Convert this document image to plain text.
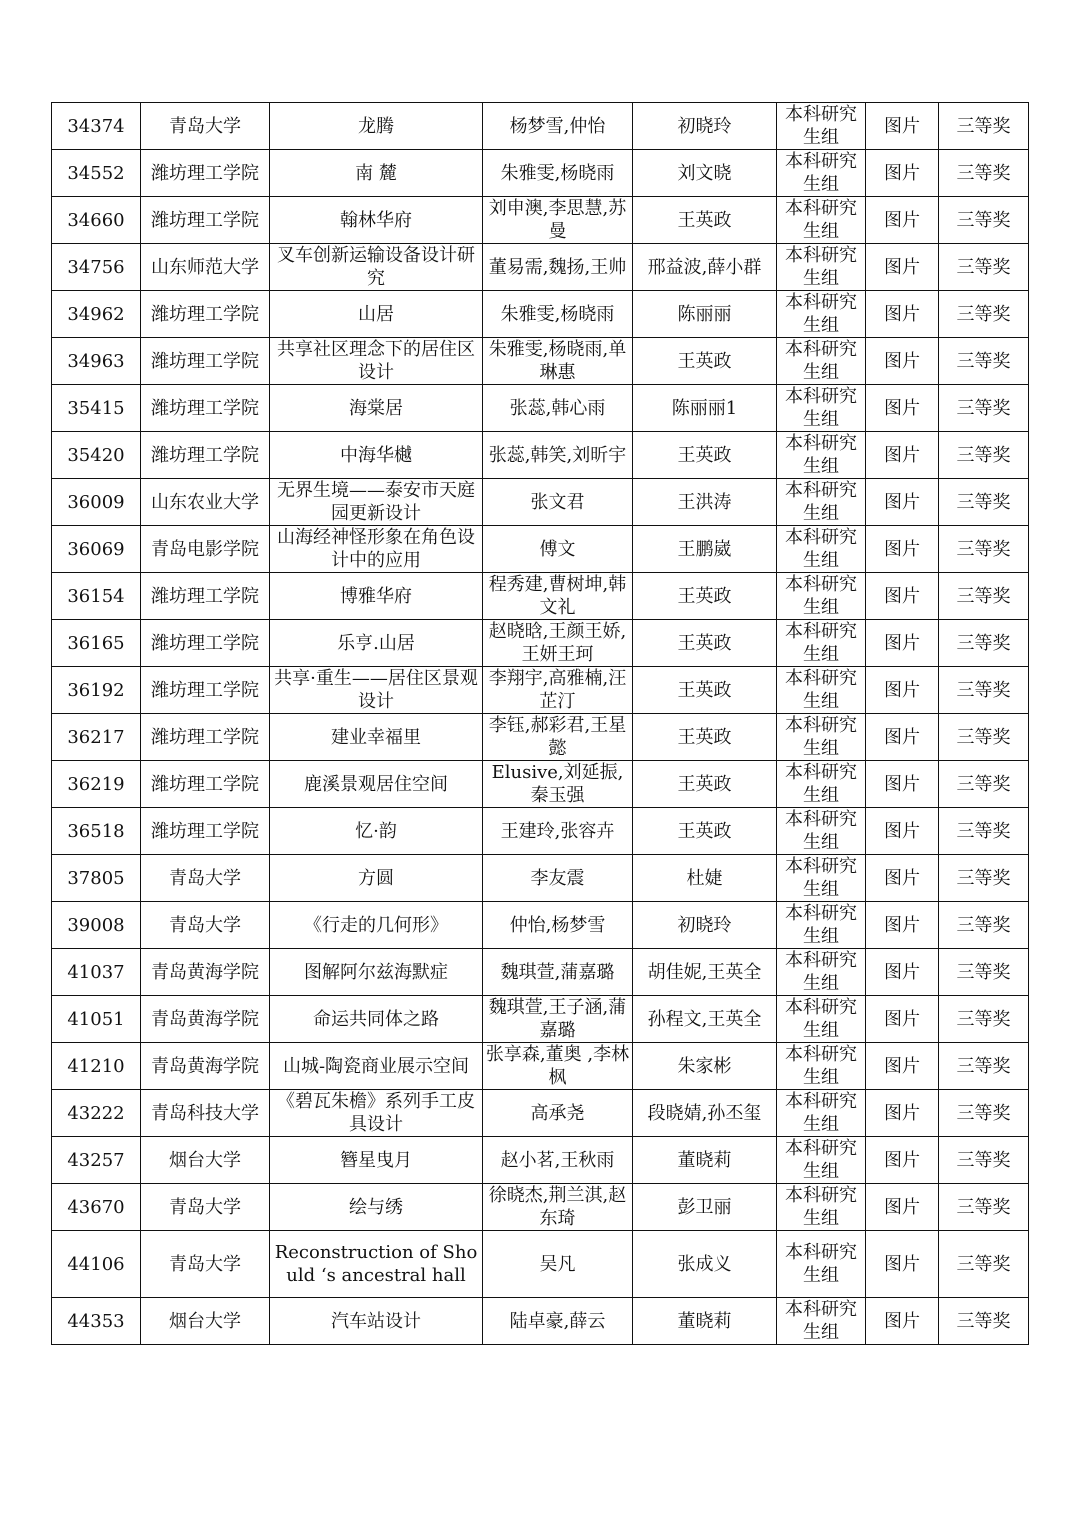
34374	青岛大学	龙腾	杨梦雪,仲怡	初晓玲	本科研究生组	图片	三等奖
34552	潍坊理工学院	南 麓	朱雅雯,杨晓雨	刘文晓	本科研究生组	图片	三等奖
34660	潍坊理工学院	翰林华府	刘申澳,李思慧,苏曼	王英政	本科研究生组	图片	三等奖
34756	山东师范大学	叉车创新运输设备设计研究	董易需,魏扬,王帅	邢益波,薛小群	本科研究生组	图片	三等奖
34962	潍坊理工学院	山居	朱雅雯,杨晓雨	陈丽丽	本科研究生组	图片	三等奖
34963	潍坊理工学院	共享社区理念下的居住区设计	朱雅雯,杨晓雨,单琳惠	王英政	本科研究生组	图片	三等奖
35415	潍坊理工学院	海棠居	张蕊,韩心雨	陈丽丽1	本科研究生组	图片	三等奖
35420	潍坊理工学院	中海华樾	张蕊,韩笑,刘昕宇	王英政	本科研究生组	图片	三等奖
36009	山东农业大学	无界生境——泰安市天庭园更新设计	张文君	王洪涛	本科研究生组	图片	三等奖
36069	青岛电影学院	山海经神怪形象在角色设计中的应用	傅文	王鹏崴	本科研究生组	图片	三等奖
36154	潍坊理工学院	博雅华府	程秀建,曹树坤,韩文礼	王英政	本科研究生组	图片	三等奖
36165	潍坊理工学院	乐亨.山居	赵晓晗,王颜王娇,王妍王珂	王英政	本科研究生组	图片	三等奖
36192	潍坊理工学院	共享·重生——居住区景观设计	李翔宇,高雅楠,汪芷汀	王英政	本科研究生组	图片	三等奖
36217	潍坊理工学院	建业幸福里	李钰,郝彩君,王星懿	王英政	本科研究生组	图片	三等奖
36219	潍坊理工学院	鹿溪景观居住空间	Elusive,刘延振,秦玉强	王英政	本科研究生组	图片	三等奖
36518	潍坊理工学院	忆·韵	王建玲,张容卉	王英政	本科研究生组	图片	三等奖
37805	青岛大学	方圆	李友震	杜婕	本科研究生组	图片	三等奖
39008	青岛大学	《行走的几何形》	仲怡,杨梦雪	初晓玲	本科研究生组	图片	三等奖
41037	青岛黄海学院	图解阿尔兹海默症	魏琪萱,蒲嘉璐	胡佳妮,王英全	本科研究生组	图片	三等奖
41051	青岛黄海学院	命运共同体之路	魏琪萱,王子涵,蒲嘉璐	孙程文,王英全	本科研究生组	图片	三等奖
41210	青岛黄海学院	山城-陶瓷商业展示空间	张享森,董奥 ,李林枫	朱家彬	本科研究生组	图片	三等奖
43222	青岛科技大学	《碧瓦朱檐》系列手工皮具设计	高承尧	段晓婧,孙丕玺	本科研究生组	图片	三等奖
43257	烟台大学	簪星曳月	赵小茗,王秋雨	董晓莉	本科研究生组	图片	三等奖
43670	青岛大学	绘与绣	徐晓杰,荆兰淇,赵东琦	彭卫丽	本科研究生组	图片	三等奖
44106	青岛大学	Reconstruction of Should ‘s ancestral hall	吴凡	张成义	本科研究生组	图片	三等奖
44353	烟台大学	汽车站设计	陆卓豪,薛云	董晓莉	本科研究生组	图片	三等奖
